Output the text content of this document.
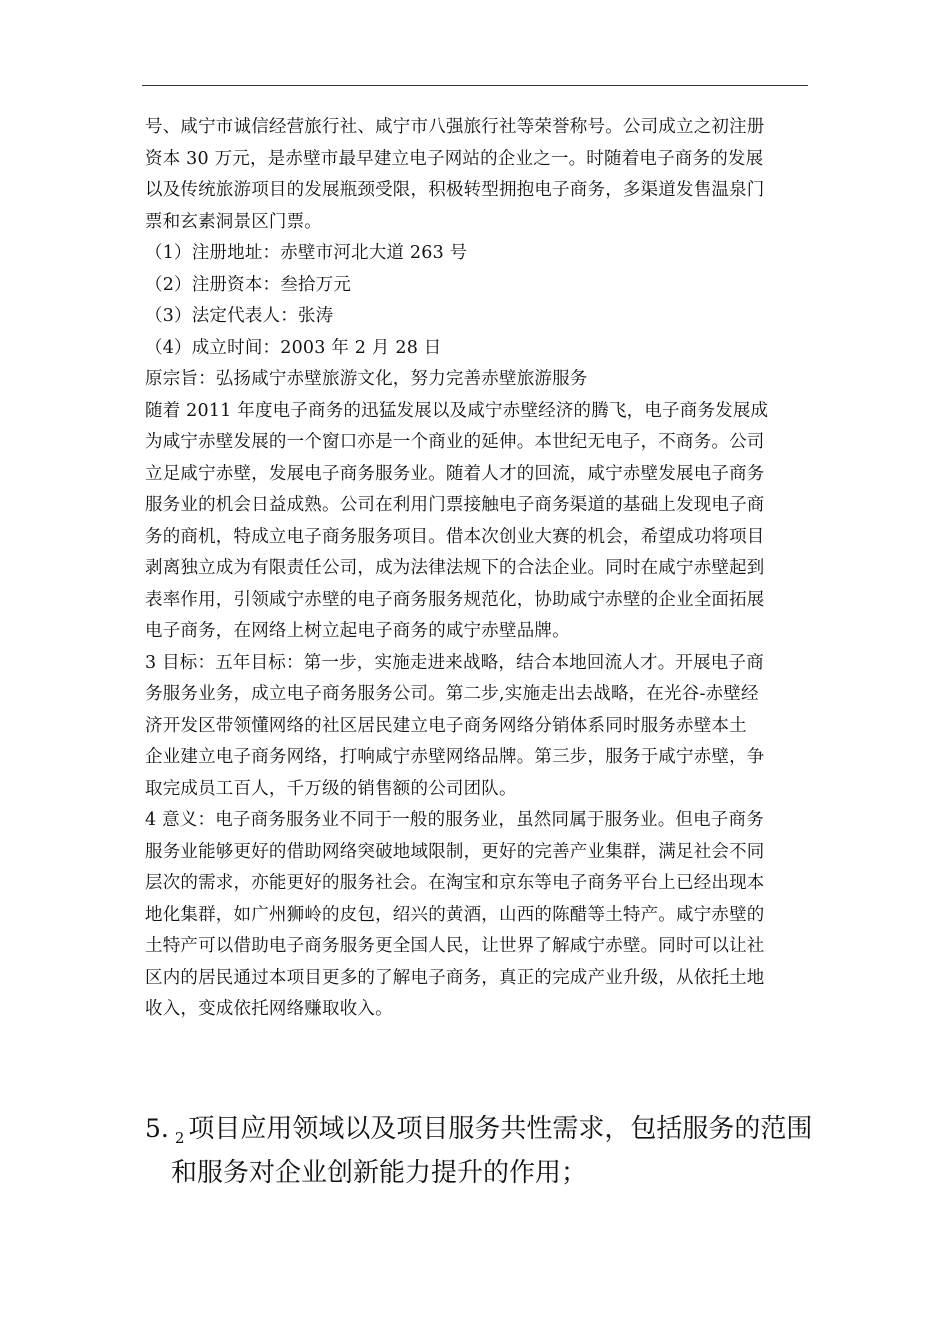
号、咸宁市诚信经营旅行社、咸宁市八强旅行社等荣誉称号。公司成立之初注册
资本 30 万元，是赤壁市最早建立电子网站的企业之一。时随着电子商务的发展
以及传统旅游项目的发展瓶颈受限，积极转型拥抱电子商务，多渠道发售温泉门
票和玄素洞景区门票。
（1）注册地址：赤壁市河北大道 263 号
（2）注册资本：叁拾万元
（3）法定代表人：张涛
（4）成立时间：2003 年 2 月 28 日
原宗旨：弘扬咸宁赤壁旅游文化，努力完善赤壁旅游服务
随着 2011 年度电子商务的迅猛发展以及咸宁赤壁经济的腾飞，电子商务发展成
为咸宁赤壁发展的一个窗口亦是一个商业的延伸。本世纪无电子，不商务。公司
立足咸宁赤壁，发展电子商务服务业。随着人才的回流，咸宁赤壁发展电子商务
服务业的机会日益成熟。公司在利用门票接触电子商务渠道的基础上发现电子商
务的商机，特成立电子商务服务项目。借本次创业大赛的机会，希望成功将项目
剥离独立成为有限责任公司，成为法律法规下的合法企业。同时在咸宁赤壁起到
表率作用，引领咸宁赤壁的电子商务服务规范化，协助咸宁赤壁的企业全面拓展
电子商务，在网络上树立起电子商务的咸宁赤壁品牌。
3 目标：五年目标：第一步，实施走进来战略，结合本地回流人才。开展电子商
务服务业务，成立电子商务服务公司。第二步,实施走出去战略，在光谷-赤壁经
济开发区带领懂网络的社区居民建立电子商务网络分销体系同时服务赤壁本土
企业建立电子商务网络，打响咸宁赤壁网络品牌。第三步，服务于咸宁赤壁，争
取完成员工百人，千万级的销售额的公司团队。
4 意义：电子商务服务业不同于一般的服务业，虽然同属于服务业。但电子商务
服务业能够更好的借助网络突破地域限制，更好的完善产业集群，满足社会不同
层次的需求，亦能更好的服务社会。在淘宝和京东等电子商务平台上已经出现本
地化集群，如广州狮岭的皮包，绍兴的黄酒，山西的陈醋等土特产。咸宁赤壁的
土特产可以借助电子商务服务更全国人民，让世界了解咸宁赤壁。同时可以让社
区内的居民通过本项目更多的了解电子商务，真正的完成产业升级，从依托土地
收入，变成依托网络赚取收入。
5. $_2$ 项目应用领域以及项目服务共性需求，包括服务的范围
和服务对企业创新能力提升的作用；
